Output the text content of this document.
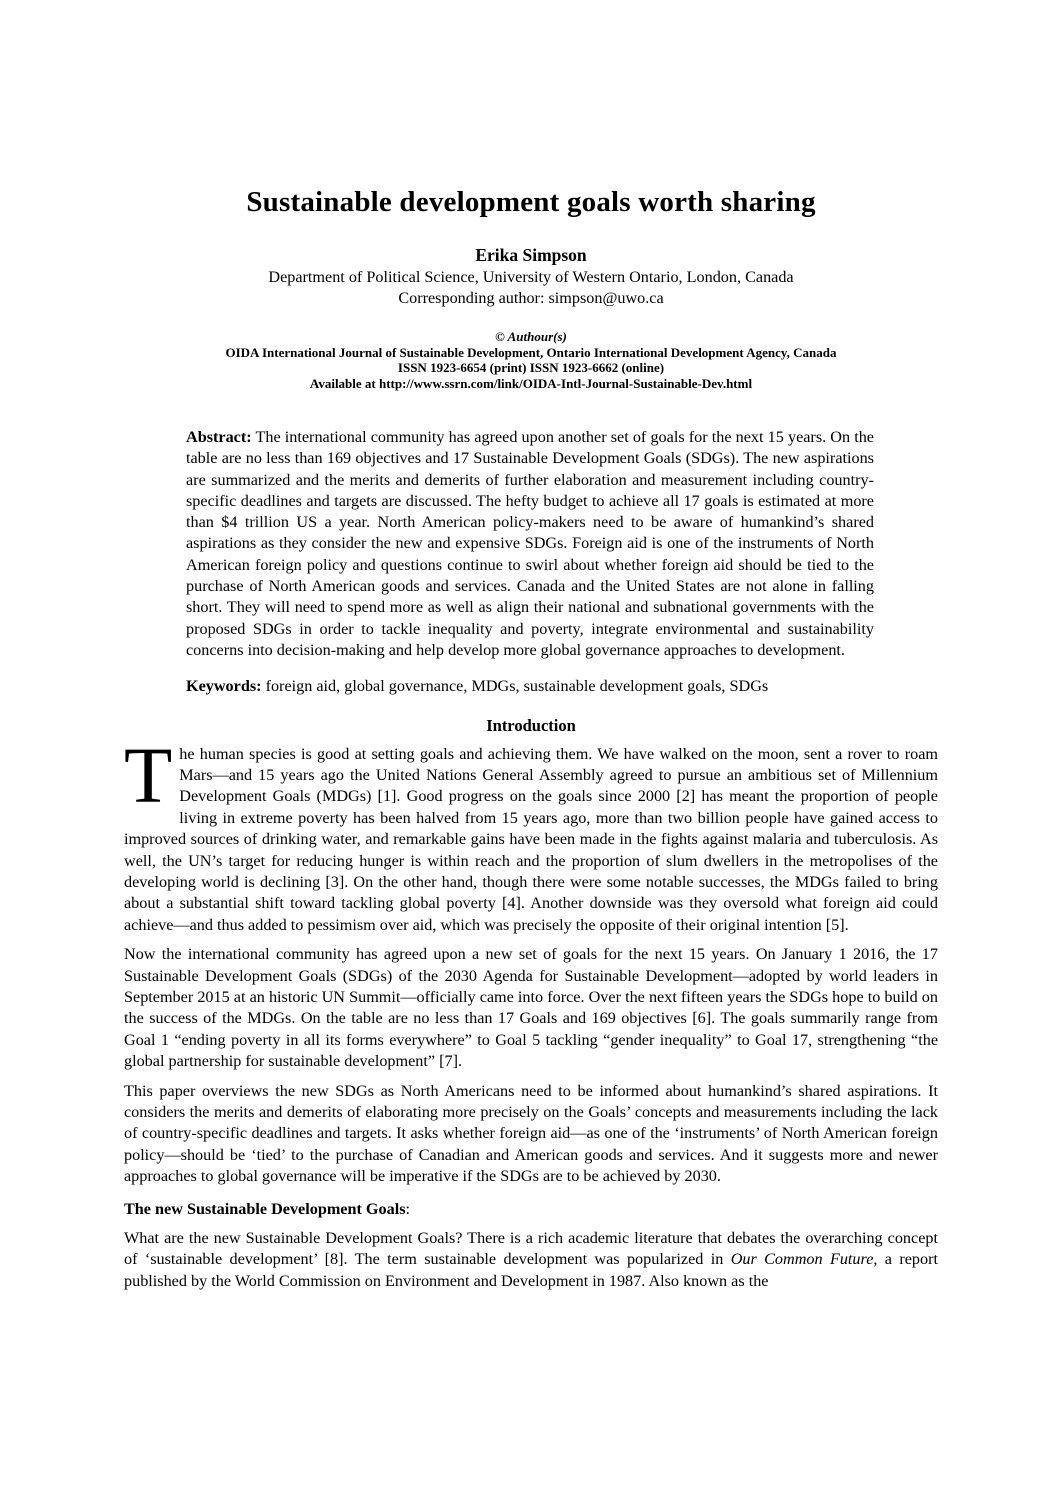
Sustainable development goals worth sharing
Erika Simpson
Department of Political Science, University of Western Ontario, London, Canada
Corresponding author: simpson@uwo.ca
© Authour(s)
OIDA International Journal of Sustainable Development, Ontario International Development Agency, Canada
ISSN 1923-6654 (print) ISSN 1923-6662 (online)
Available at http://www.ssrn.com/link/OIDA-Intl-Journal-Sustainable-Dev.html

Abstract: The international community has agreed upon another set of goals for the next 15 years. On the table are no less than 169 objectives and 17 Sustainable Development Goals (SDGs). The new aspirations are summarized and the merits and demerits of further elaboration and measurement including country-specific deadlines and targets are discussed. The hefty budget to achieve all 17 goals is estimated at more than $4 trillion US a year. North American policy-makers need to be aware of humankind’s shared aspirations as they consider the new and expensive SDGs. Foreign aid is one of the instruments of North American foreign policy and questions continue to swirl about whether foreign aid should be tied to the purchase of North American goods and services. Canada and the United States are not alone in falling short. They will need to spend more as well as align their national and subnational governments with the proposed SDGs in order to tackle inequality and poverty, integrate environmental and sustainability concerns into decision-making and help develop more global governance approaches to development.

Keywords: foreign aid, global governance, MDGs, sustainable development goals, SDGs

Introduction

The human species is good at setting goals and achieving them. We have walked on the moon, sent a rover to roam Mars—and 15 years ago the United Nations General Assembly agreed to pursue an ambitious set of Millennium Development Goals (MDGs) [1]. Good progress on the goals since 2000 [2] has meant the proportion of people living in extreme poverty has been halved from 15 years ago, more than two billion people have gained access to improved sources of drinking water, and remarkable gains have been made in the fights against malaria and tuberculosis. As well, the UN’s target for reducing hunger is within reach and the proportion of slum dwellers in the metropolises of the developing world is declining [3]. On the other hand, though there were some notable successes, the MDGs failed to bring about a substantial shift toward tackling global poverty [4]. Another downside was they oversold what foreign aid could achieve—and thus added to pessimism over aid, which was precisely the opposite of their original intention [5].

Now the international community has agreed upon a new set of goals for the next 15 years. On January 1 2016, the 17 Sustainable Development Goals (SDGs) of the 2030 Agenda for Sustainable Development—adopted by world leaders in September 2015 at an historic UN Summit—officially came into force. Over the next fifteen years the SDGs hope to build on the success of the MDGs. On the table are no less than 17 Goals and 169 objectives [6]. The goals summarily range from Goal 1 “ending poverty in all its forms everywhere” to Goal 5 tackling “gender inequality” to Goal 17, strengthening “the global partnership for sustainable development” [7].

This paper overviews the new SDGs as North Americans need to be informed about humankind’s shared aspirations. It considers the merits and demerits of elaborating more precisely on the Goals’ concepts and measurements including the lack of country-specific deadlines and targets. It asks whether foreign aid—as one of the ‘instruments’ of North American foreign policy—should be ‘tied’ to the purchase of Canadian and American goods and services. And it suggests more and newer approaches to global governance will be imperative if the SDGs are to be achieved by 2030.

The new Sustainable Development Goals:

What are the new Sustainable Development Goals? There is a rich academic literature that debates the overarching concept of ‘sustainable development’ [8]. The term sustainable development was popularized in Our Common Future, a report published by the World Commission on Environment and Development in 1987. Also known as the
